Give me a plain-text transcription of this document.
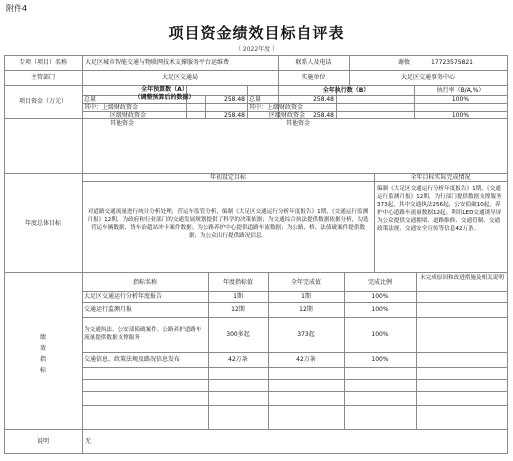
附件4
项目资金绩效目标自评表
（ 2022年度 ）
专项（项目）名称	大足区城市智能交通与物联网技术支撑服务平台运维费	联系人及电话	谢攸	17723575821
主管部门	大足区交通局	实施单位	大足区交通事务中心
项目资金（万元）
全年预算数（A）
（调整预算后的数据）
全年执行数（B）	执行率（B/A,%）
总量	258.48 总量	258.48	100%
其中：上级财政资金	其中：上级财政资金
区级财政资金	258.48	区级财政资金	258.48	100%
其他资金	其他资金
年度总体目标
年初设定目标	全年目标实际完成情况
对道路交通流量进行统计分析处理，营运车监管分析，编制《大足区交通运行分析年度报告》1期，《交通运行监测月报》12期，为政府和行业部门的交通发展规划提供了科学的决策依据；为交通综合执法提供数据依据分析，勾选营运车辆数据、货车治超站冲卡案件数据；为公路养护中心提供道路车流数据；为公路、桥、法侦破案件提供数据；为公众出行提供路况信息。
编制《大足区交通运行分析年度报告》1期、《交通运行监测月报》12期，为行部门提供数据支撑服务373起，其中交通执法256起，公安侦破10起，养护中心道路车流量数据12起。利用LED交通诱导屏为公众提供交通拥堵、道路维修、交通管制、交通政策法规、交通安全宣传等信息42万条。
绩
效
指
标
指标名称	年度指标值	全年完成值	完成比例
未完成原因和改进措施及相关说明
大足区交通运行分析年度报告	1期	1期	100%
交通运行监测月报	12期	12期	100%
为交通执法、公安部侦破案件、公路养护道路车流量提供数据支撑服务	300多起	373起	100%
交通信息、政策法规及路况信息发布	42万条	42万条	100%
说明	无
